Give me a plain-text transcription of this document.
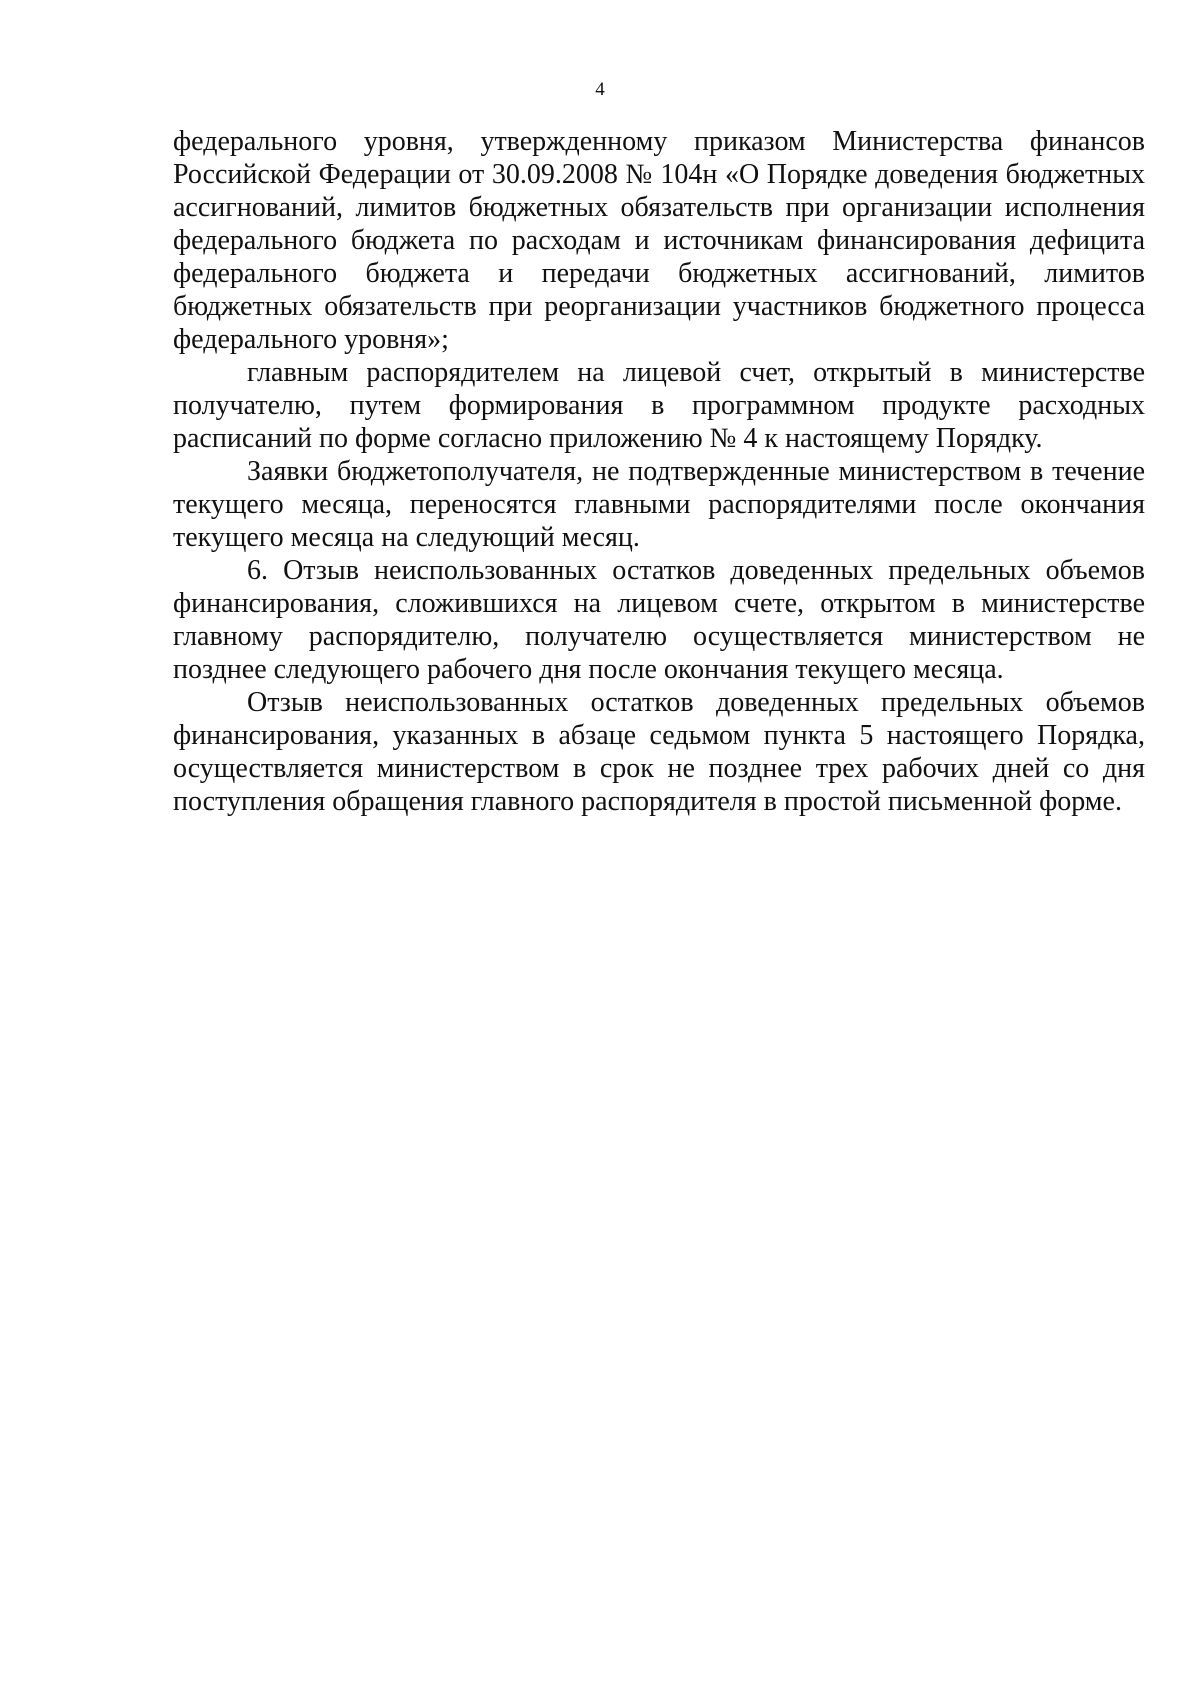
4

федерального уровня, утвержденному приказом Министерства финансов Российской Федерации от 30.09.2008 № 104н «О Порядке доведения бюджетных ассигнований, лимитов бюджетных обязательств при организации исполнения федерального бюджета по расходам и источникам финансирования дефицита федерального бюджета и передачи бюджетных ассигнований, лимитов бюджетных обязательств при реорганизации участников бюджетного процесса федерального уровня»;

главным распорядителем на лицевой счет, открытый в министерстве получателю, путем формирования в программном продукте расходных расписаний по форме согласно приложению № 4 к настоящему Порядку.

Заявки бюджетополучателя, не подтвержденные министерством в течение текущего месяца, переносятся главными распорядителями после окончания текущего месяца на следующий месяц.

6. Отзыв неиспользованных остатков доведенных предельных объемов финансирования, сложившихся на лицевом счете, открытом в министерстве главному распорядителю, получателю осуществляется министерством не позднее следующего рабочего дня после окончания текущего месяца.

Отзыв неиспользованных остатков доведенных предельных объемов финансирования, указанных в абзаце седьмом пункта 5 настоящего Порядка, осуществляется министерством в срок не позднее трех рабочих дней со дня поступления обращения главного распорядителя в простой письменной форме.
